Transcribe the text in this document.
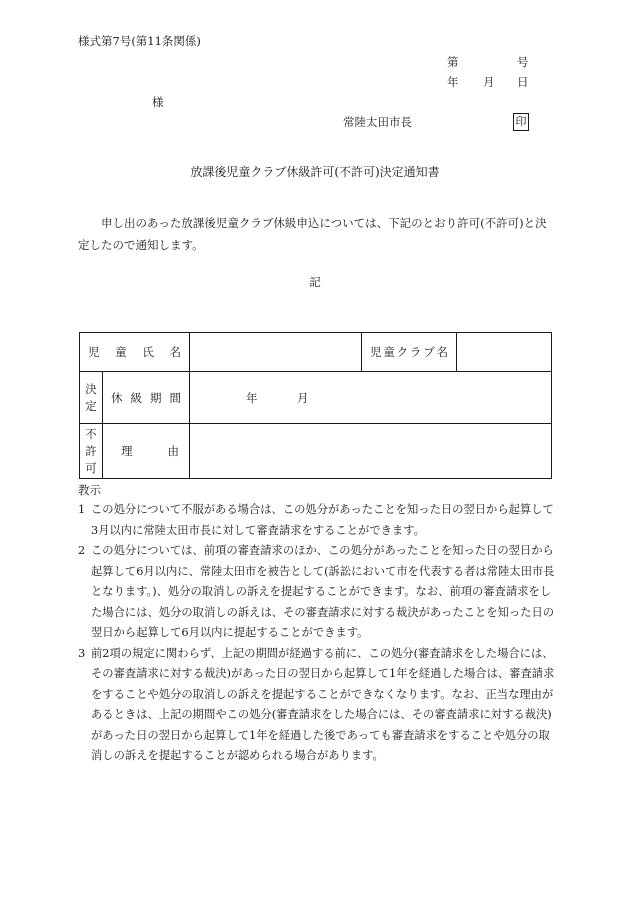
様式第7号(第11条関係)
第	号
年 月 日
様
常陸太田市長	印
放課後児童クラブ休級許可(不許可)決定通知書
申し出のあった放課後児童クラブ休級申込については、下記のとおり許可(不許可)と決定したので通知します。
記
児 童 氏 名			児童クラブ名	

決
定	休 級 期 間	年 月		

不
許
可	理 由			
教示
1 この処分について不服がある場合は、この処分があったことを知った日の翌日から起算して3月以内に常陸太田市長に対して審査請求をすることができます。
2 この処分については、前項の審査請求のほか、この処分があったことを知った日の翌日から起算して6月以内に、常陸太田市を被告として(訴訟において市を代表する者は常陸太田市長となります。)、処分の取消しの訴えを提起することができます。なお、前項の審査請求をした場合には、処分の取消しの訴えは、その審査請求に対する裁決があったことを知った日の翌日から起算して6月以内に提起することができます。
3 前2項の規定に関わらず、上記の期間が経過する前に、この処分(審査請求をした場合には、その審査請求に対する裁決)があった日の翌日から起算して1年を経過した場合は、審査請求をすることや処分の取消しの訴えを提起することができなくなります。なお、正当な理由があるときは、上記の期間やこの処分(審査請求をした場合には、その審査請求に対する裁決)があった日の翌日から起算して1年を経過した後であっても審査請求をすることや処分の取消しの訴えを提起することが認められる場合があります。
